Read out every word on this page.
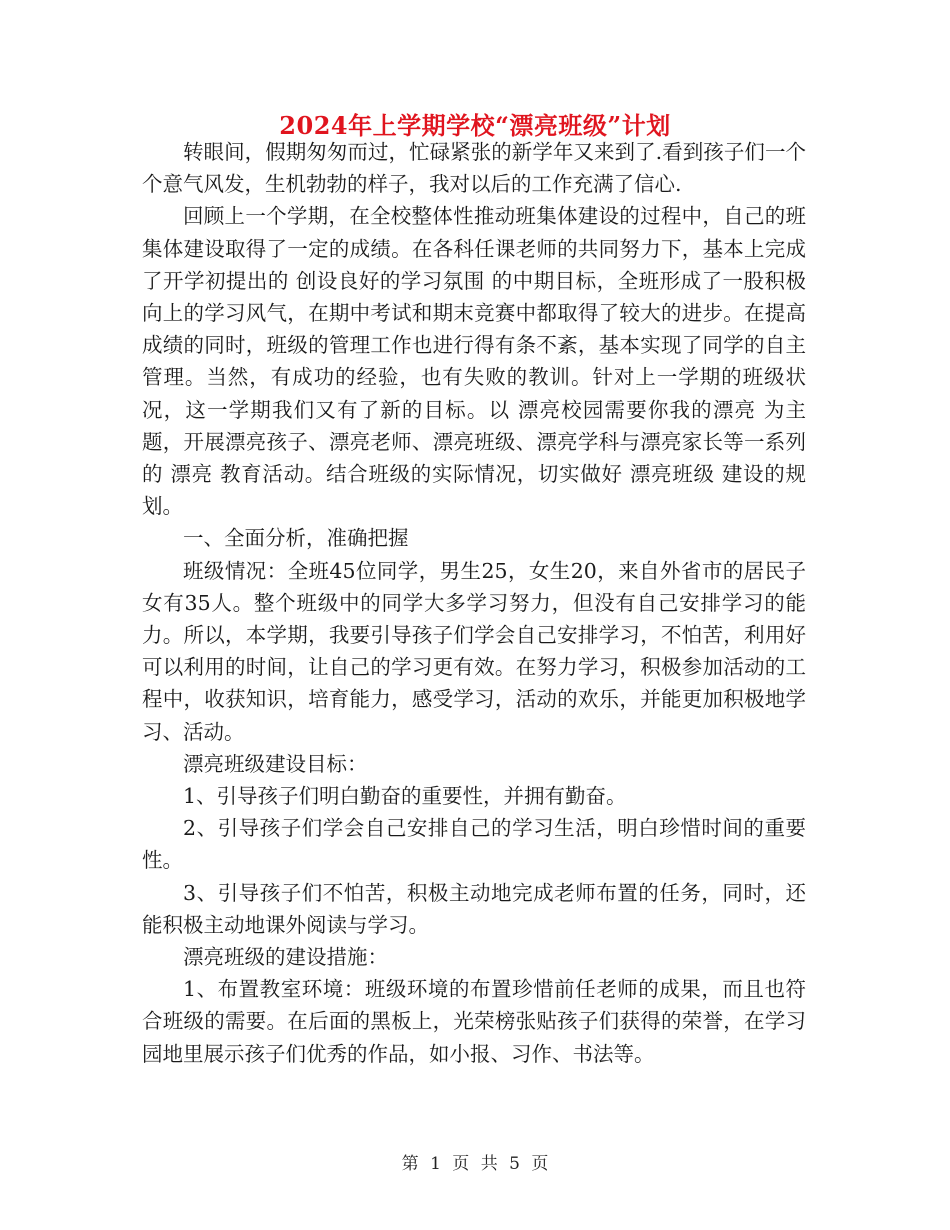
2024年上学期学校“漂亮班级”计划

转眼间，假期匆匆而过，忙碌紧张的新学年又来到了.看到孩子们一个个意气风发，生机勃勃的样子，我对以后的工作充满了信心.

回顾上一个学期，在全校整体性推动班集体建设的过程中，自己的班集体建设取得了一定的成绩。在各科任课老师的共同努力下，基本上完成了开学初提出的 创设良好的学习氛围 的中期目标，全班形成了一股积极向上的学习风气，在期中考试和期末竞赛中都取得了较大的进步。在提高成绩的同时，班级的管理工作也进行得有条不紊，基本实现了同学的自主管理。当然，有成功的经验，也有失败的教训。针对上一学期的班级状况，这一学期我们又有了新的目标。以 漂亮校园需要你我的漂亮 为主题，开展漂亮孩子、漂亮老师、漂亮班级、漂亮学科与漂亮家长等一系列的 漂亮 教育活动。结合班级的实际情况，切实做好 漂亮班级 建设的规划。

一、全面分析，准确把握

班级情况：全班45位同学，男生25，女生20，来自外省市的居民子女有35人。整个班级中的同学大多学习努力，但没有自己安排学习的能力。所以，本学期，我要引导孩子们学会自己安排学习，不怕苦，利用好可以利用的时间，让自己的学习更有效。在努力学习，积极参加活动的工程中，收获知识，培育能力，感受学习，活动的欢乐，并能更加积极地学习、活动。

漂亮班级建设目标：

1、引导孩子们明白勤奋的重要性，并拥有勤奋。

2、引导孩子们学会自己安排自己的学习生活，明白珍惜时间的重要性。

3、引导孩子们不怕苦，积极主动地完成老师布置的任务，同时，还能积极主动地课外阅读与学习。

漂亮班级的建设措施：

1、布置教室环境：班级环境的布置珍惜前任老师的成果，而且也符合班级的需要。在后面的黑板上，光荣榜张贴孩子们获得的荣誉，在学习园地里展示孩子们优秀的作品，如小报、习作、书法等。

第 1 页 共 5 页
